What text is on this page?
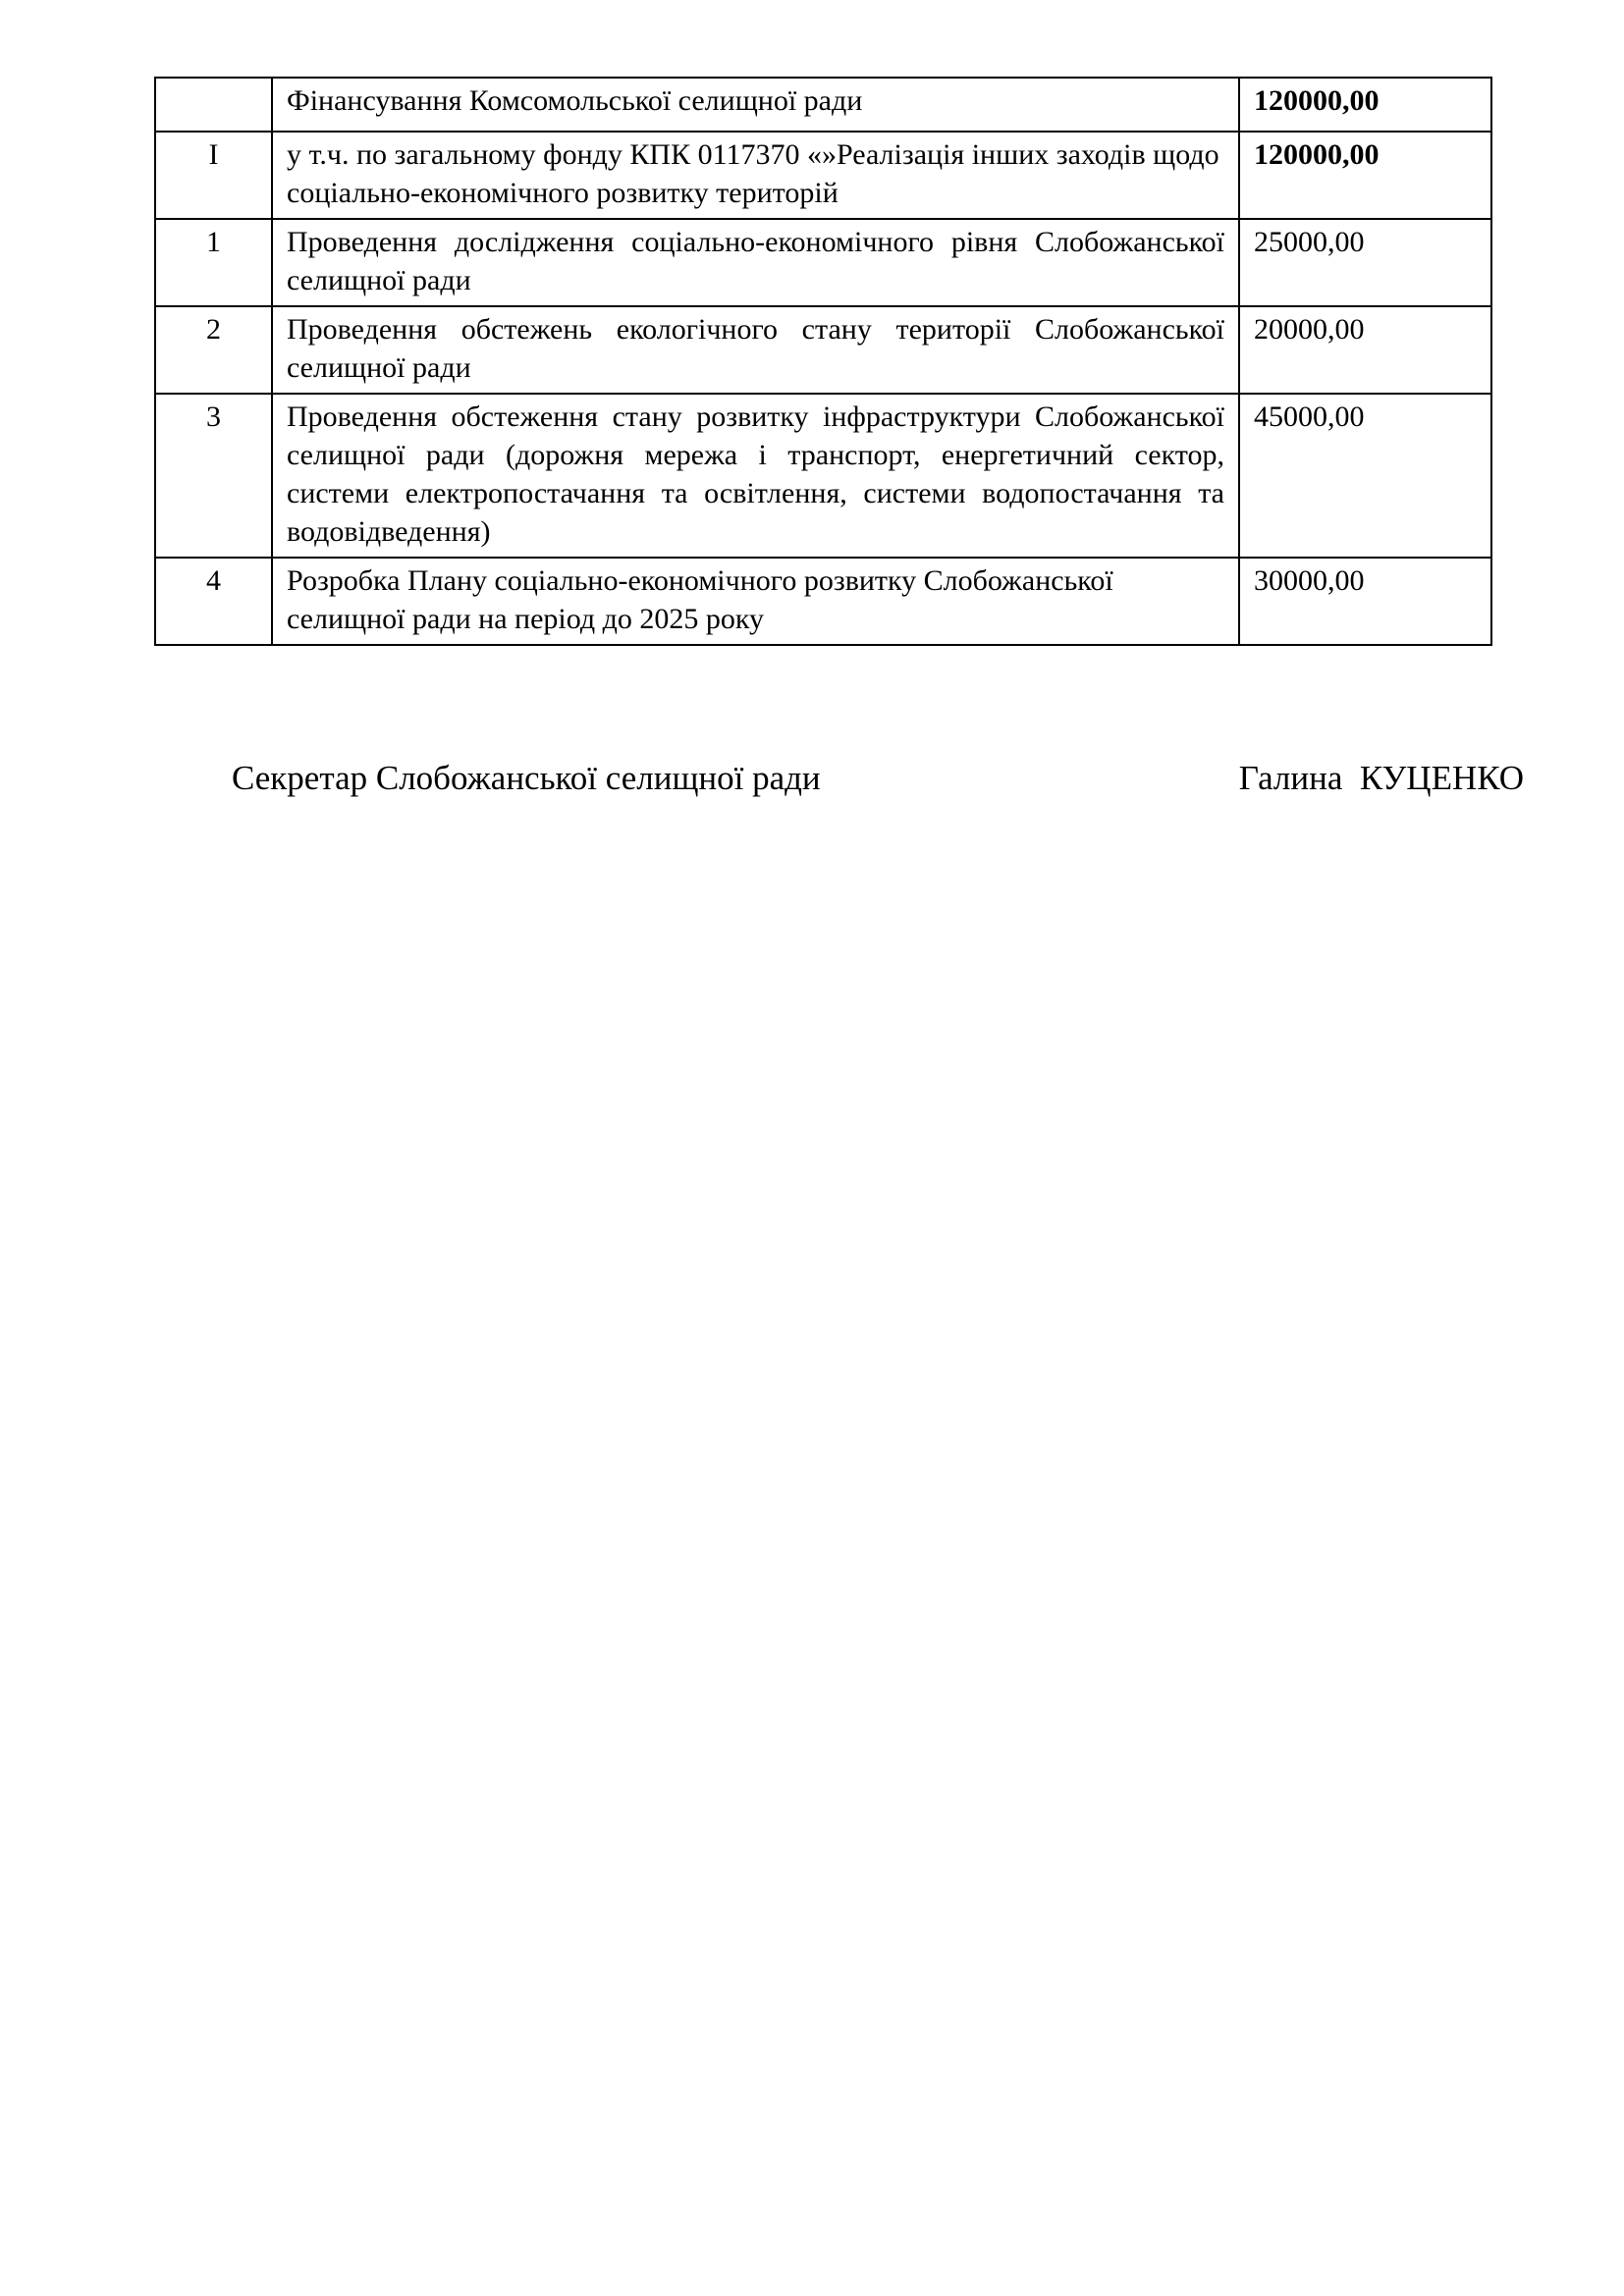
	Фінансування Комсомольської селищної ради	120000,00
I	у т.ч. по загальному фонду КПК 0117370 «»Реалізація інших заходів щодо соціально-економічного розвитку територій	120000,00
1	Проведення дослідження соціально-економічного рівня Слобожанської селищної ради	25000,00
2	Проведення обстежень екологічного стану території Слобожанської селищної ради	20000,00
3	Проведення обстеження стану розвитку інфраструктури Слобожанської селищної ради (дорожня мережа і транспорт, енергетичний сектор, системи електропостачання та освітлення, системи водопостачання та водовідведення)	45000,00
4	Розробка Плану соціально-економічного розвитку Слобожанської селищної ради на період до 2025 року	30000,00
Секретар Слобожанської селищної ради	Галина  КУЦЕНКО
